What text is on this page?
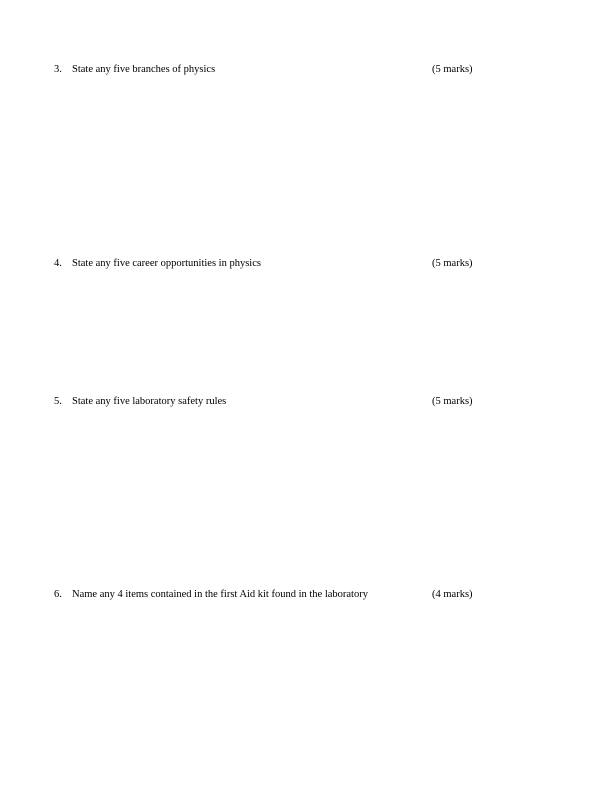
3. State any five branches of physics	(5 marks)
4. State any five career opportunities in physics	(5 marks)
5. State any five laboratory safety rules	(5 marks)
6. Name any 4 items contained in the first Aid kit found in the laboratory	(4 marks)
